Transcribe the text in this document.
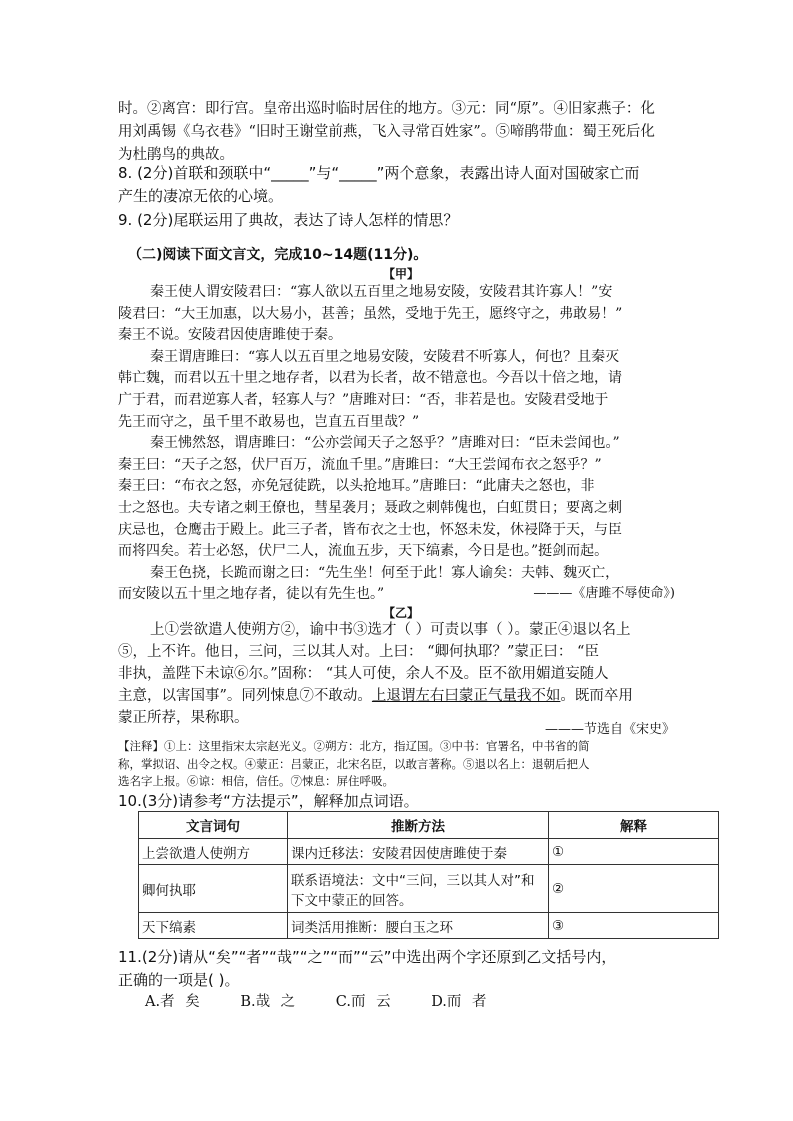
时。②离宫：即行宫。皇帝出巡时临时居住的地方。③元：同“原”。④旧家燕子：化
用刘禹锡《乌衣巷》“旧时王谢堂前燕，飞入寻常百姓家”。⑤啼鹃带血：蜀王死后化
为杜鹃鸟的典故。
8. (2分)首联和颈联中“_____”与“_____”两个意象，表露出诗人面对国破家亡而
产生的凄凉无依的心境。
9. (2分)尾联运用了典故，表达了诗人怎样的情思？
（二)阅读下面文言文，完成10~14题(11分)。
【甲】

秦王使人谓安陵君曰：“寡人欲以五百里之地易安陵，安陵君其许寡人！”安

陵君曰：“大王加惠，以大易小，甚善；虽然，受地于先王，愿终守之，弗敢易！”

秦王不说。安陵君因使唐雎使于秦。

秦王谓唐雎曰：“寡人以五百里之地易安陵，安陵君不听寡人，何也？且秦灭

韩亡魏，而君以五十里之地存者，以君为长者，故不错意也。今吾以十倍之地，请

广于君，而君逆寡人者，轻寡人与？”唐雎对曰：“否，非若是也。安陵君受地于

先王而守之，虽千里不敢易也，岂直五百里哉？”

秦王怫然怒，谓唐雎曰：“公亦尝闻天子之怒乎？”唐雎对曰：“臣未尝闻也。”

秦王曰：“天子之怒，伏尸百万，流血千里。”唐雎曰：“大王尝闻布衣之怒乎？”

秦王曰：“布衣之怒，亦免冠徒跣，以头抢地耳。”唐雎曰：“此庸夫之怒也，非

士之怒也。夫专诸之刺王僚也，彗星袭月；聂政之刺韩傀也，白虹贯日；要离之刺

庆忌也，仓鹰击于殿上。此三子者，皆布衣之士也，怀怒未发，休祲降于天，与臣

而将四矣。若士必怒，伏尸二人，流血五步，天下缟素，今日是也。”挺剑而起。

秦王色挠，长跪而谢之曰：“先生坐！何至于此！寡人谕矣：夫韩、魏灭亡，

而安陵以五十里之地存者，徒以有先生也。”	———《唐雎不辱使命》)
【乙】

上①尝欲遣人使朔方②，谕中书③选才（ ）可责以事（ ）。蒙正④退以名上

⑤，上不许。他日，三问，三以其人对。上曰： “卿何执耶？”蒙正曰： “臣

非执，盖陛下未谅⑥尔。”固称： “其人可使，余人不及。臣不欲用媚道妄随人

主意，以害国事”。同列悚息⑦不敢动。上退谓左右曰蒙正气量我不如。既而卒用

蒙正所荐，果称职。

———节选自《宋史》
【注释】①上：这里指宋太宗赵光义。②朔方：北方，指辽国。③中书：官署名，中书省的简
称，掌拟诏、出令之权。④蒙正：吕蒙正，北宋名臣，以敢言著称。⑤退以名上：退朝后把人
选名字上报。⑥谅：相信，信任。⑦悚息：屏住呼吸。
10.(3分)请参考“方法提示”，解释加点词语。
文言词句	推断方法	解释
上尝欲遣人使朔方	课内迁移法：安陵君因使唐雎使于秦	①
卿何执耶	联系语境法：文中“三问，三以其人对”和下文中蒙正的回答。	②
天下缟素	词类活用推断：腰白玉之环	③
11.(2分)请从“矣”“者”“哉”“之”“而”“云”中选出两个字还原到乙文括号内，
正确的一项是( )。
A.者 矣	B.哉 之	C.而 云	D.而 者
